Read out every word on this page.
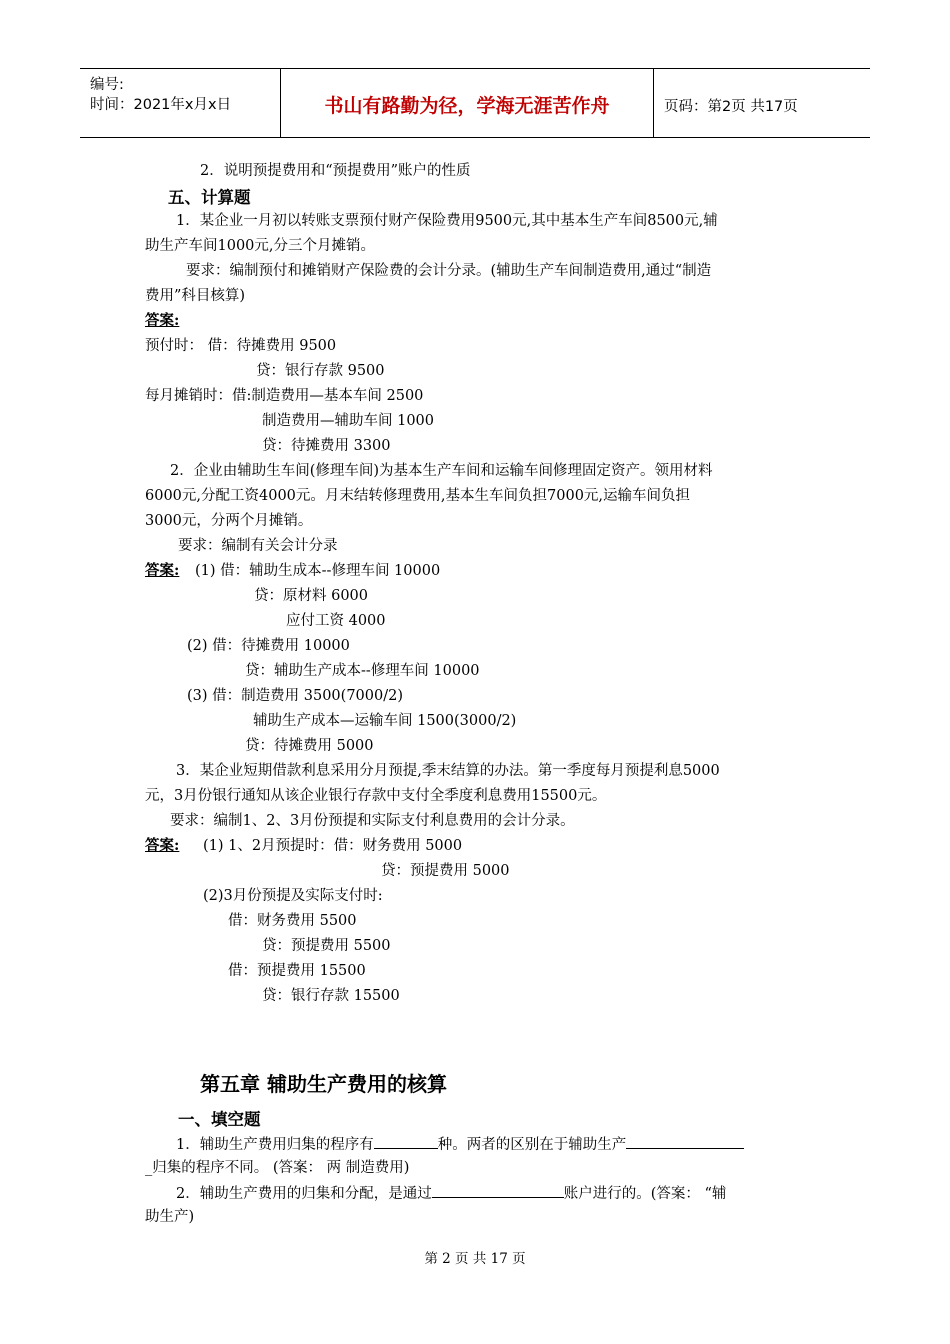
编号:
时间：2021年x月x日	书山有路勤为径，学海无涯苦作舟	页码：第2页 共17页
2．说明预提费用和“预提费用”账户的性质
五、计算题
1．某企业一月初以转账支票预付财产保险费用9500元,其中基本生产车间8500元,辅
助生产车间1000元,分三个月摊销。
要求：编制预付和摊销财产保险费的会计分录。(辅助生产车间制造费用,通过“制造
费用”科目核算)
答案:
预付时： 借：待摊费用 9500
贷：银行存款 9500
每月摊销时：借:制造费用—基本车间 2500
制造费用—辅助车间 1000
贷：待摊费用 3300
2．企业由辅助生车间(修理车间)为基本生产车间和运输车间修理固定资产。领用材料
6000元,分配工资4000元。月末结转修理费用,基本生车间负担7000元,运输车间负担
3000元，分两个月摊销。
要求：编制有关会计分录
答案: (1) 借：辅助生成本--修理车间 10000
贷：原材料 6000
应付工资 4000
(2) 借：待摊费用 10000
贷：辅助生产成本--修理车间 10000
(3) 借：制造费用 3500(7000/2)
辅助生产成本—运输车间 1500(3000/2)
贷：待摊费用 5000
3．某企业短期借款利息采用分月预提,季末结算的办法。第一季度每月预提利息5000
元，3月份银行通知从该企业银行存款中支付全季度利息费用15500元。
要求：编制1、2、3月份预提和实际支付利息费用的会计分录。
答案: (1) 1、2月预提时：借：财务费用 5000
贷：预提费用 5000
(2)3月份预提及实际支付时:
借：财务费用 5500
贷：预提费用 5500
借：预提费用 15500
贷：银行存款 15500
第五章 辅助生产费用的核算
一、填空题
1．辅助生产费用归集的程序有	种。两者的区别在于辅助生产
_归集的程序不同。 (答案： 两 制造费用)
2．辅助生产费用的归集和分配，是通过	账户进行的。(答案： “辅
助生产)
第 2 页 共 17 页
